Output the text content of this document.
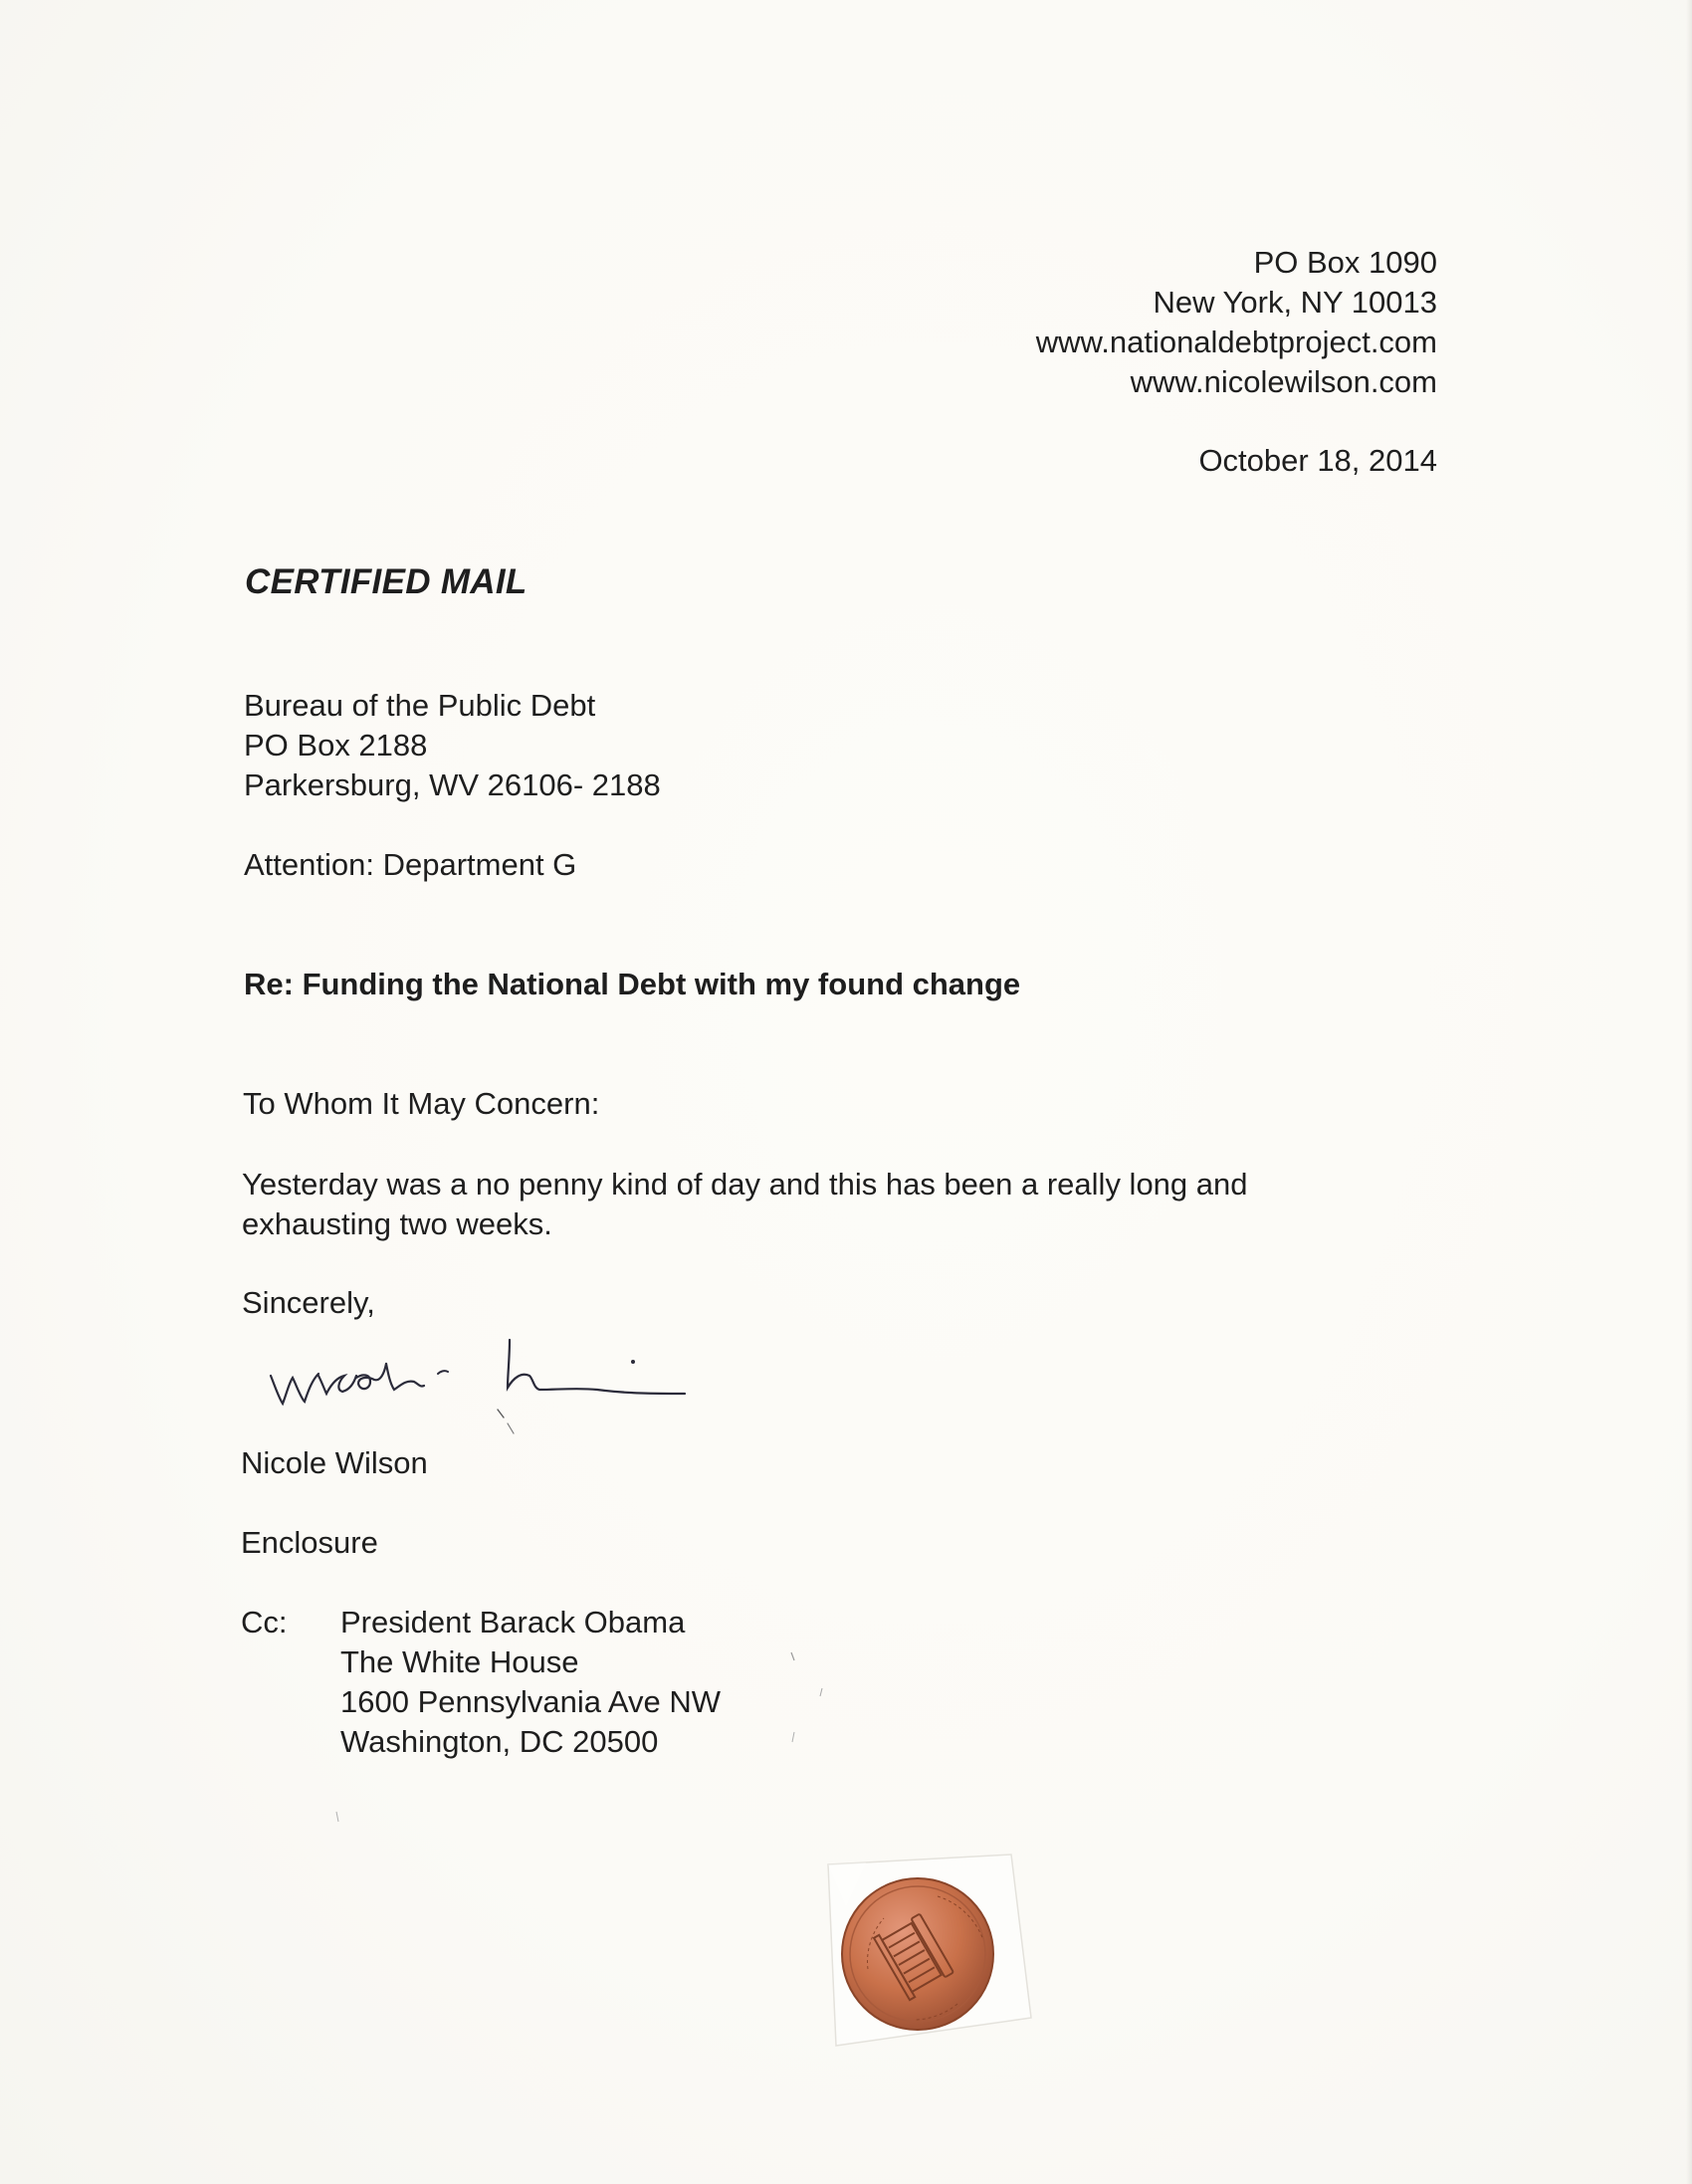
PO Box 1090
New York, NY 10013
www.nationaldebtproject.com
www.nicolewilson.com
October 18, 2014
CERTIFIED MAIL
Bureau of the Public Debt
PO Box 2188
Parkersburg, WV 26106- 2188
Attention: Department G
Re: Funding the National Debt with my found change
To Whom It May Concern:
Yesterday was a no penny kind of day and this has been a really long and
exhausting two weeks.
Sincerely,
Nicole Wilson
Enclosure
Cc: President Barack Obama
The White House
1600 Pennsylvania Ave NW
Washington, DC 20500
